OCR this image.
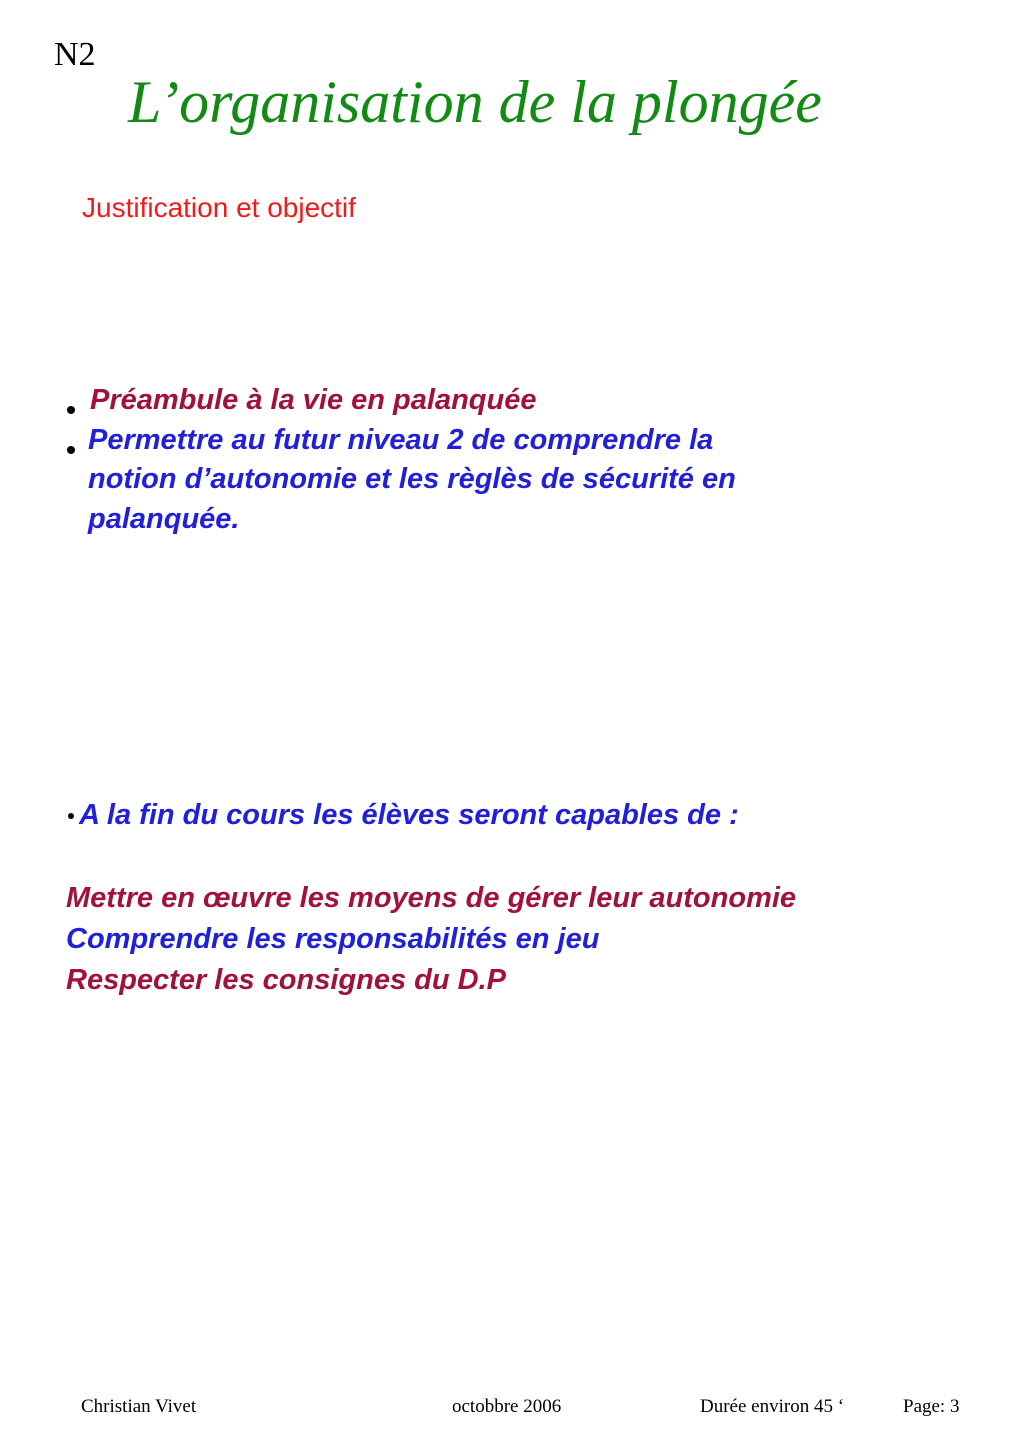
N2
L’organisation de la plongée
Justification et objectif
Préambule à la vie en palanquée
Permettre au futur niveau 2 de comprendre la
notion d’autonomie et les règlès de sécurité en
palanquée.
A la fin du cours les élèves seront capables de :
Mettre en œuvre les moyens de gérer leur autonomie
Comprendre les responsabilités en jeu
Respecter les consignes du D.P
Christian Vivet	octobbre 2006	Durée environ 45 ‘	Page: 3
